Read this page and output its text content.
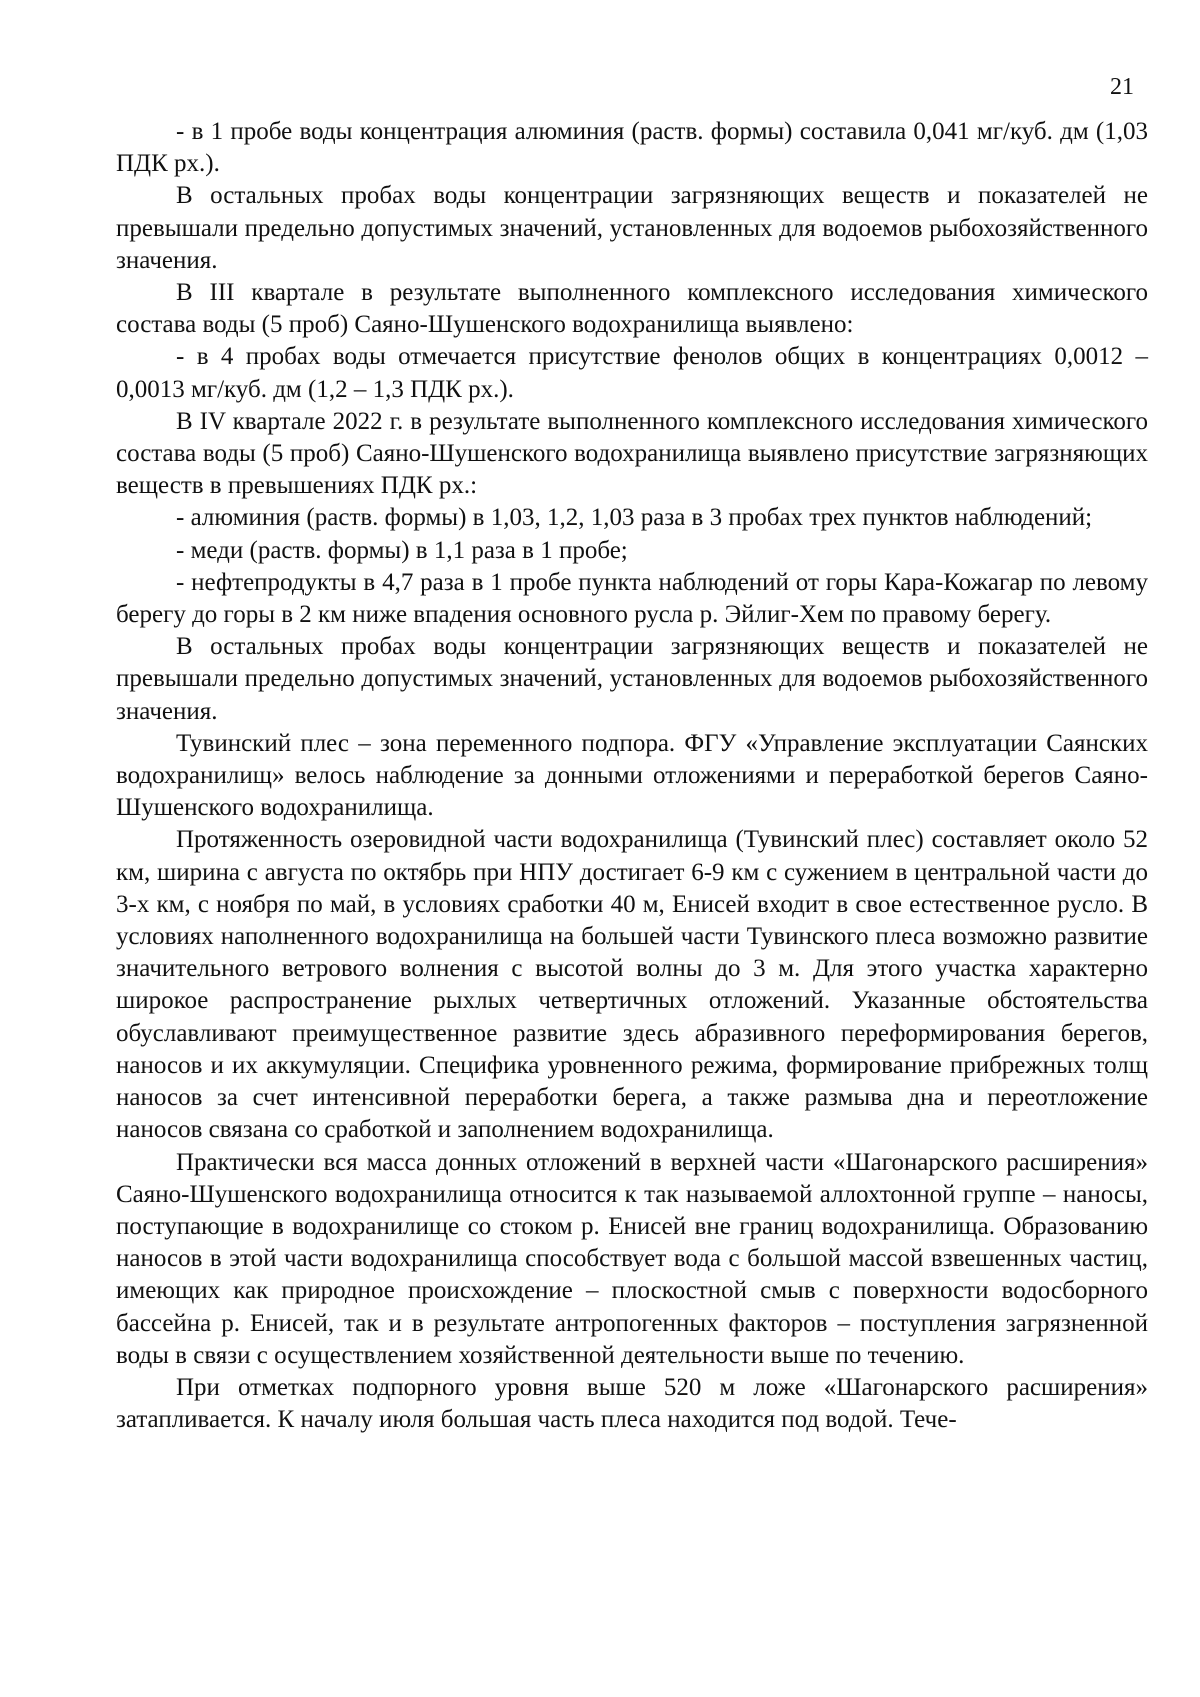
21

- в 1 пробе воды концентрация алюминия (раств. формы) составила 0,041 мг/куб. дм (1,03 ПДК рх.).

В остальных пробах воды концентрации загрязняющих веществ и показателей не превышали предельно допустимых значений, установленных для водоемов рыбохозяйственного значения.

В III квартале в результате выполненного комплексного исследования химического состава воды (5 проб) Саяно-Шушенского водохранилища выявлено:

- в 4 пробах воды отмечается присутствие фенолов общих в концентрациях 0,0012 – 0,0013 мг/куб. дм (1,2 – 1,3 ПДК рх.).

В IV квартале 2022 г. в результате выполненного комплексного исследования химического состава воды (5 проб) Саяно-Шушенского водохранилища выявлено присутствие загрязняющих веществ в превышениях ПДК рх.:

- алюминия (раств. формы) в 1,03, 1,2, 1,03 раза в 3 пробах трех пунктов наблюдений;

- меди (раств. формы) в 1,1 раза в 1 пробе;

- нефтепродукты в 4,7 раза в 1 пробе пункта наблюдений от горы Кара-Кожагар по левому берегу до горы в 2 км ниже впадения основного русла р. Эйлиг-Хем по правому берегу.

В остальных пробах воды концентрации загрязняющих веществ и показателей не превышали предельно допустимых значений, установленных для водоемов рыбохозяйственного значения.

Тувинский плес – зона переменного подпора. ФГУ «Управление эксплуатации Саянских водохранилищ» велось наблюдение за донными отложениями и переработкой берегов Саяно-Шушенского водохранилища.

Протяженность озеровидной части водохранилища (Тувинский плес) составляет около 52 км, ширина с августа по октябрь при НПУ достигает 6-9 км с сужением в центральной части до 3-х км, с ноября по май, в условиях сработки 40 м, Енисей входит в свое естественное русло. В условиях наполненного водохранилища на большей части Тувинского плеса возможно развитие значительного ветрового волнения с высотой волны до 3 м. Для этого участка характерно широкое распространение рыхлых четвертичных отложений. Указанные обстоятельства обуславливают преимущественное развитие здесь абразивного переформирования берегов, наносов и их аккумуляции. Специфика уровненного режима, формирование прибрежных толщ наносов за счет интенсивной переработки берега, а также размыва дна и переотложение наносов связана со сработкой и заполнением водохранилища.

Практически вся масса донных отложений в верхней части «Шагонарского расширения» Саяно-Шушенского водохранилища относится к так называемой аллохтонной группе – наносы, поступающие в водохранилище со стоком р. Енисей вне границ водохранилища. Образованию наносов в этой части водохранилища способствует вода с большой массой взвешенных частиц, имеющих как природное происхождение – плоскостной смыв с поверхности водосборного бассейна р. Енисей, так и в результате антропогенных факторов – поступления загрязненной воды в связи с осуществлением хозяйственной деятельности выше по течению.

При отметках подпорного уровня выше 520 м ложе «Шагонарского расширения» затапливается. К началу июля большая часть плеса находится под водой. Тече-
